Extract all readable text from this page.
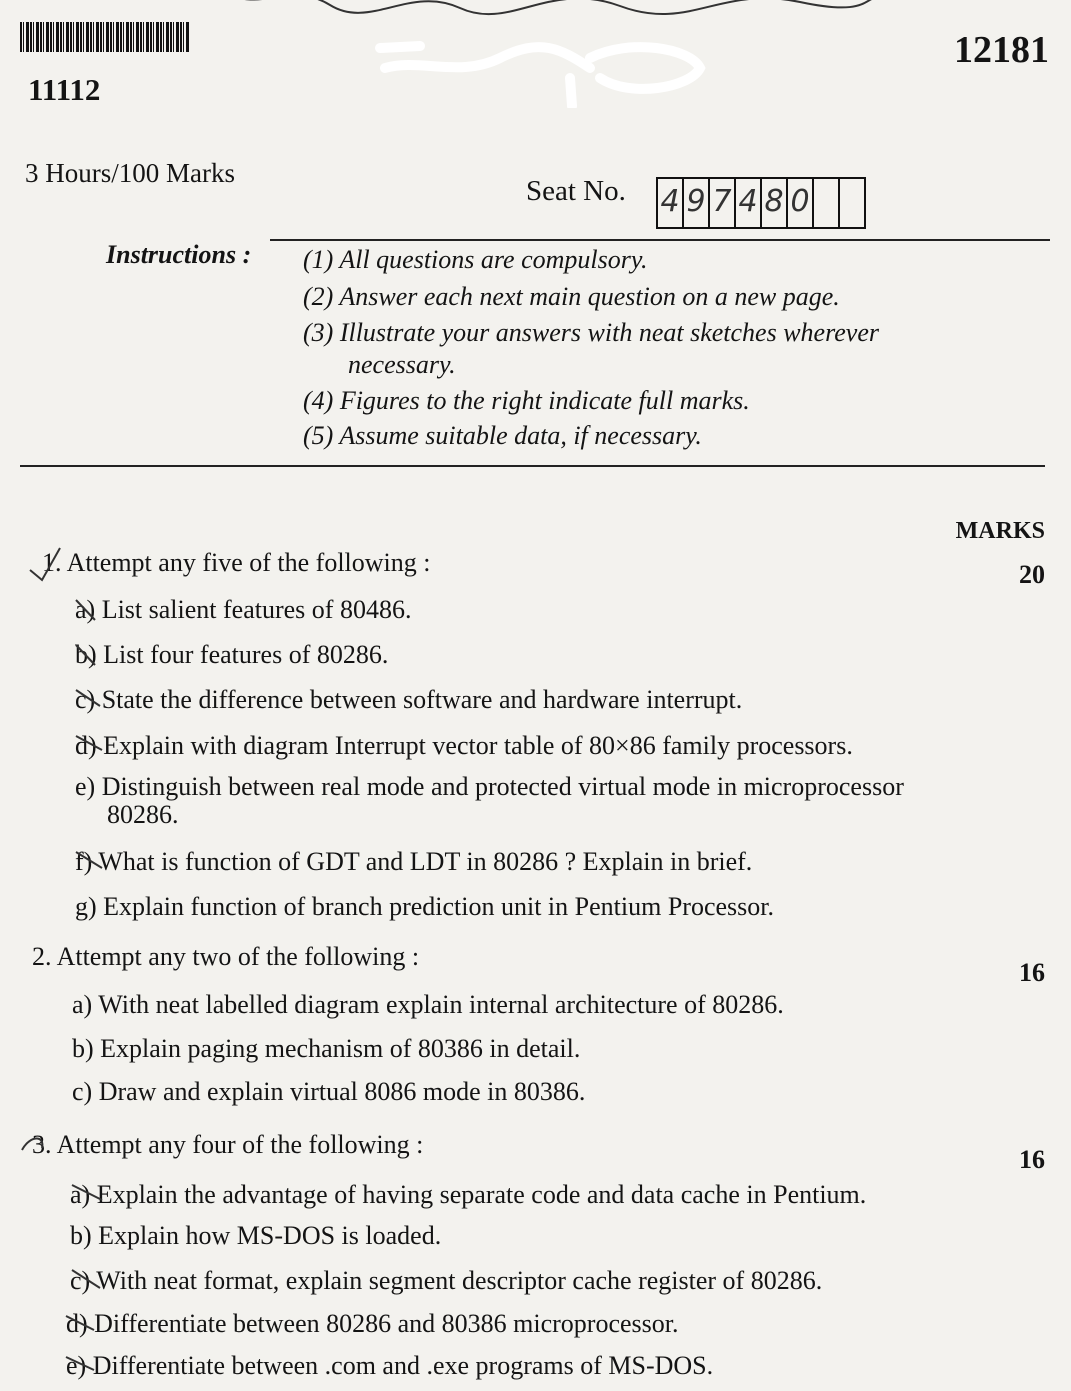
11112
12181
3 Hours/100 Marks
Seat No. 4 9 7 4 8 0
Instructions : (1) All questions are compulsory.
(2) Answer each next main question on a new page.
(3) Illustrate your answers with neat sketches wherever
necessary.
(4) Figures to the right indicate full marks.
(5) Assume suitable data, if necessary.
MARKS
1. Attempt any five of the following :	20
a) List salient features of 80486.
b) List four features of 80286.
c) State the difference between software and hardware interrupt.
d) Explain with diagram Interrupt vector table of 80×86 family processors.
e) Distinguish between real mode and protected virtual mode in microprocessor
80286.
f) What is function of GDT and LDT in 80286 ? Explain in brief.
g) Explain function of branch prediction unit in Pentium Processor.
2. Attempt any two of the following :
16
a) With neat labelled diagram explain internal architecture of 80286.
b) Explain paging mechanism of 80386 in detail.
c) Draw and explain virtual 8086 mode in 80386.
3. Attempt any four of the following :
16
a) Explain the advantage of having separate code and data cache in Pentium.
b) Explain how MS-DOS is loaded.
c) With neat format, explain segment descriptor cache register of 80286.
d) Differentiate between 80286 and 80386 microprocessor.
e) Differentiate between .com and .exe programs of MS-DOS.
